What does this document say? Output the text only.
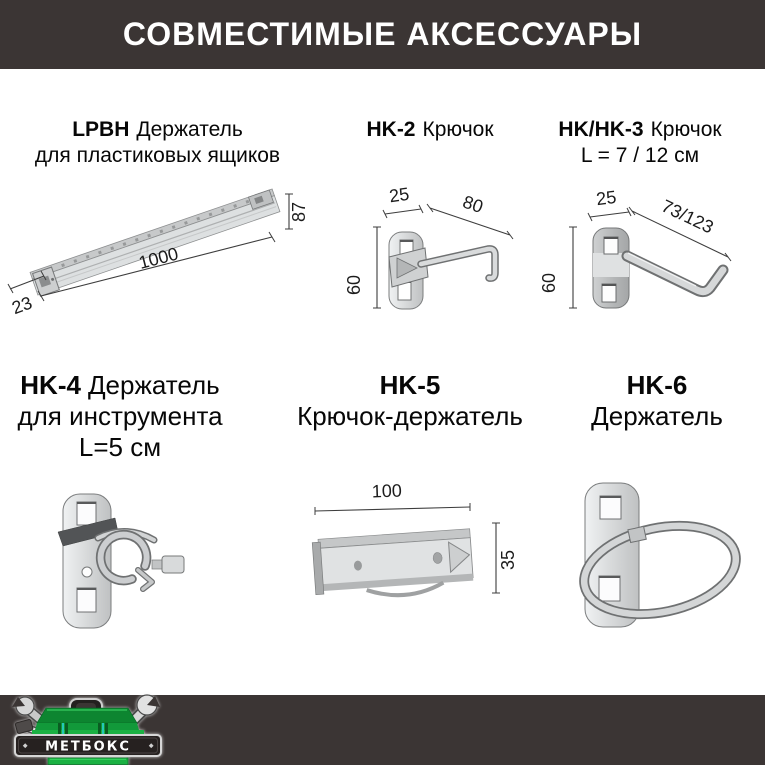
СОВМЕСТИМЫЕ АКСЕССУАРЫ
LPBH Держатель
для пластиковых ящиков
HK-2 Крючок	HK/HK-3 Крючок
L = 7 / 12 см
87
1000
23
25	80
60
25 73/123
60
HK-4 Держатель
для инструмента
L=5 см
HK-5
Крючок-держатель
HK-6
Держатель
100
35
МЕТБОКС
